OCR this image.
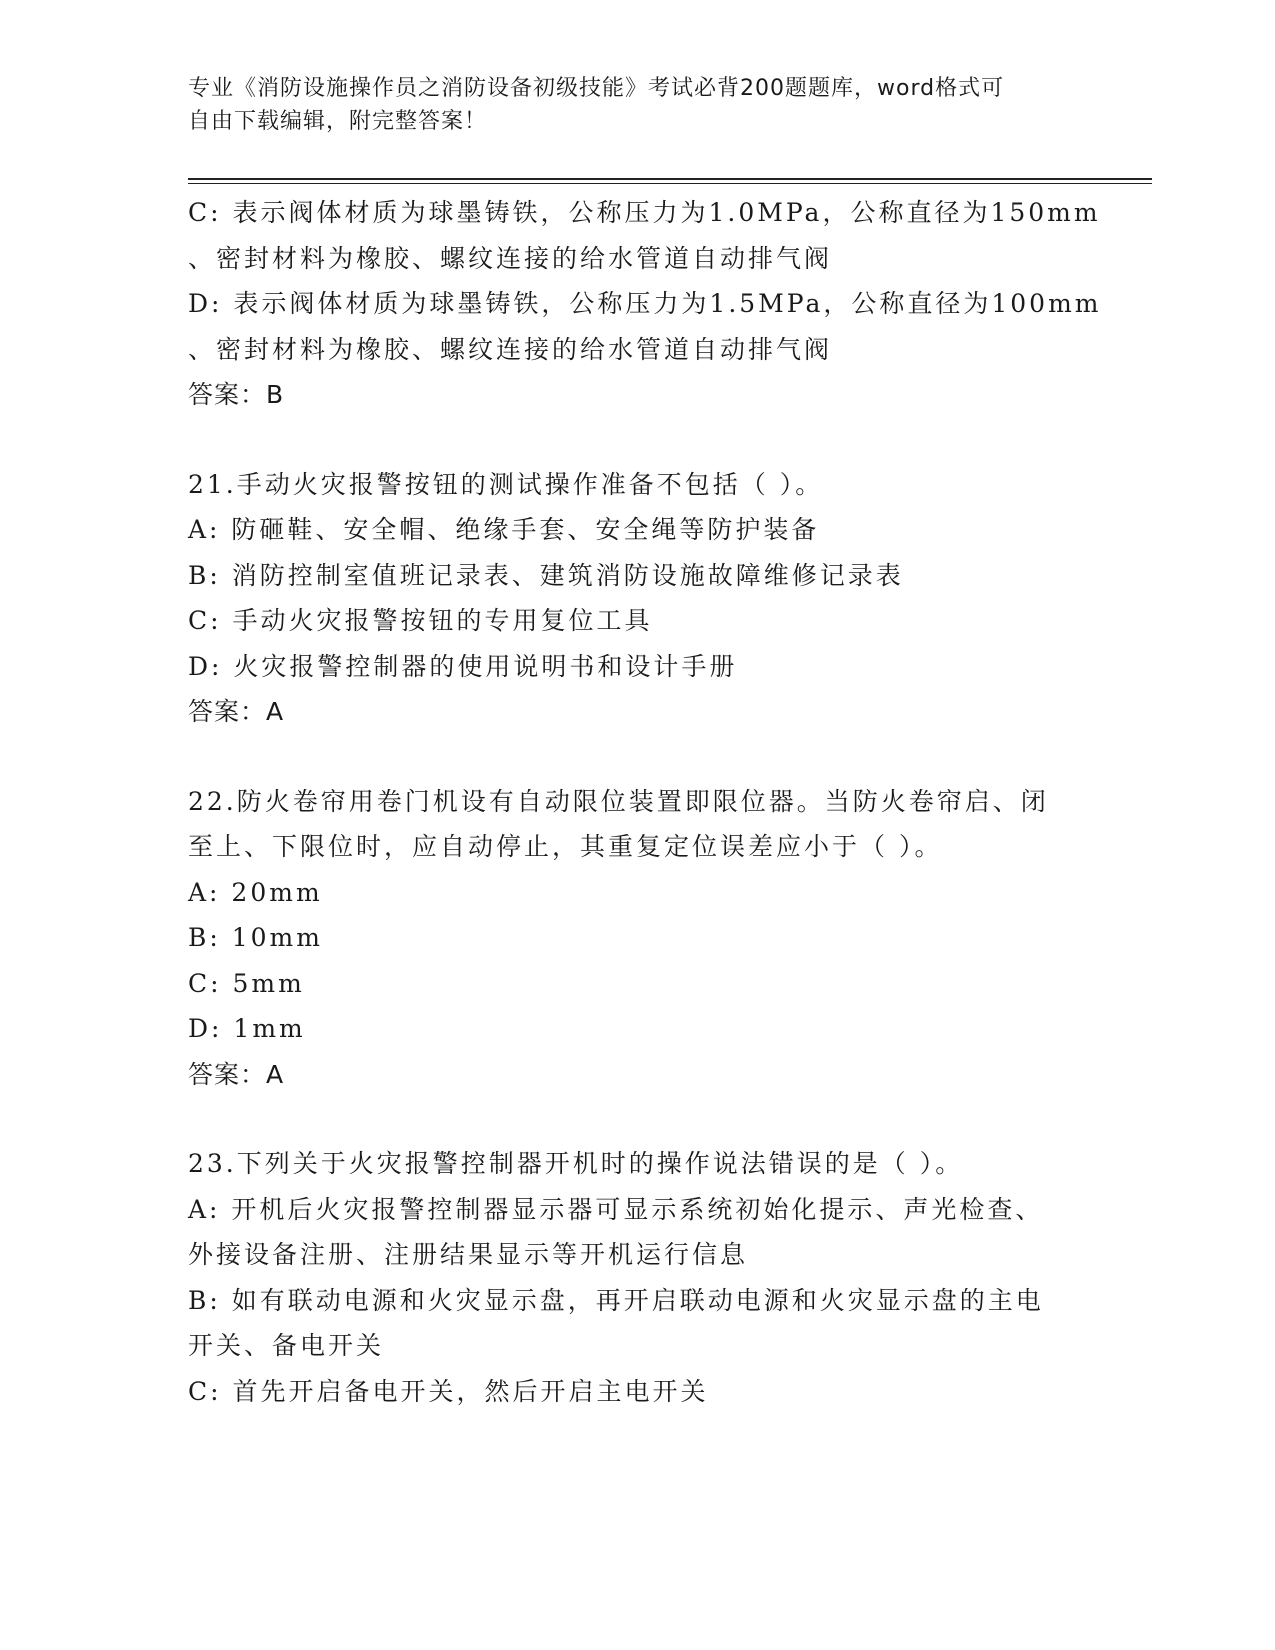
专业《消防设施操作员之消防设备初级技能》考试必背200题题库，word格式可
自由下载编辑，附完整答案！
C: 表示阀体材质为球墨铸铁，公称压力为1.0MPa，公称直径为150mm
、密封材料为橡胶、螺纹连接的给水管道自动排气阀
D: 表示阀体材质为球墨铸铁，公称压力为1.5MPa，公称直径为100mm
、密封材料为橡胶、螺纹连接的给水管道自动排气阀
答案：B
21.手动火灾报警按钮的测试操作准备不包括（ ）。
A: 防砸鞋、安全帽、绝缘手套、安全绳等防护装备
B: 消防控制室值班记录表、建筑消防设施故障维修记录表
C: 手动火灾报警按钮的专用复位工具
D: 火灾报警控制器的使用说明书和设计手册
答案：A
22.防火卷帘用卷门机设有自动限位装置即限位器。当防火卷帘启、闭
至上、下限位时，应自动停止，其重复定位误差应小于（ ）。
A: 20mm
B: 10mm
C: 5mm
D: 1mm
答案：A
23.下列关于火灾报警控制器开机时的操作说法错误的是（ ）。
A: 开机后火灾报警控制器显示器可显示系统初始化提示、声光检查、
外接设备注册、注册结果显示等开机运行信息
B: 如有联动电源和火灾显示盘，再开启联动电源和火灾显示盘的主电
开关、备电开关
C: 首先开启备电开关，然后开启主电开关
